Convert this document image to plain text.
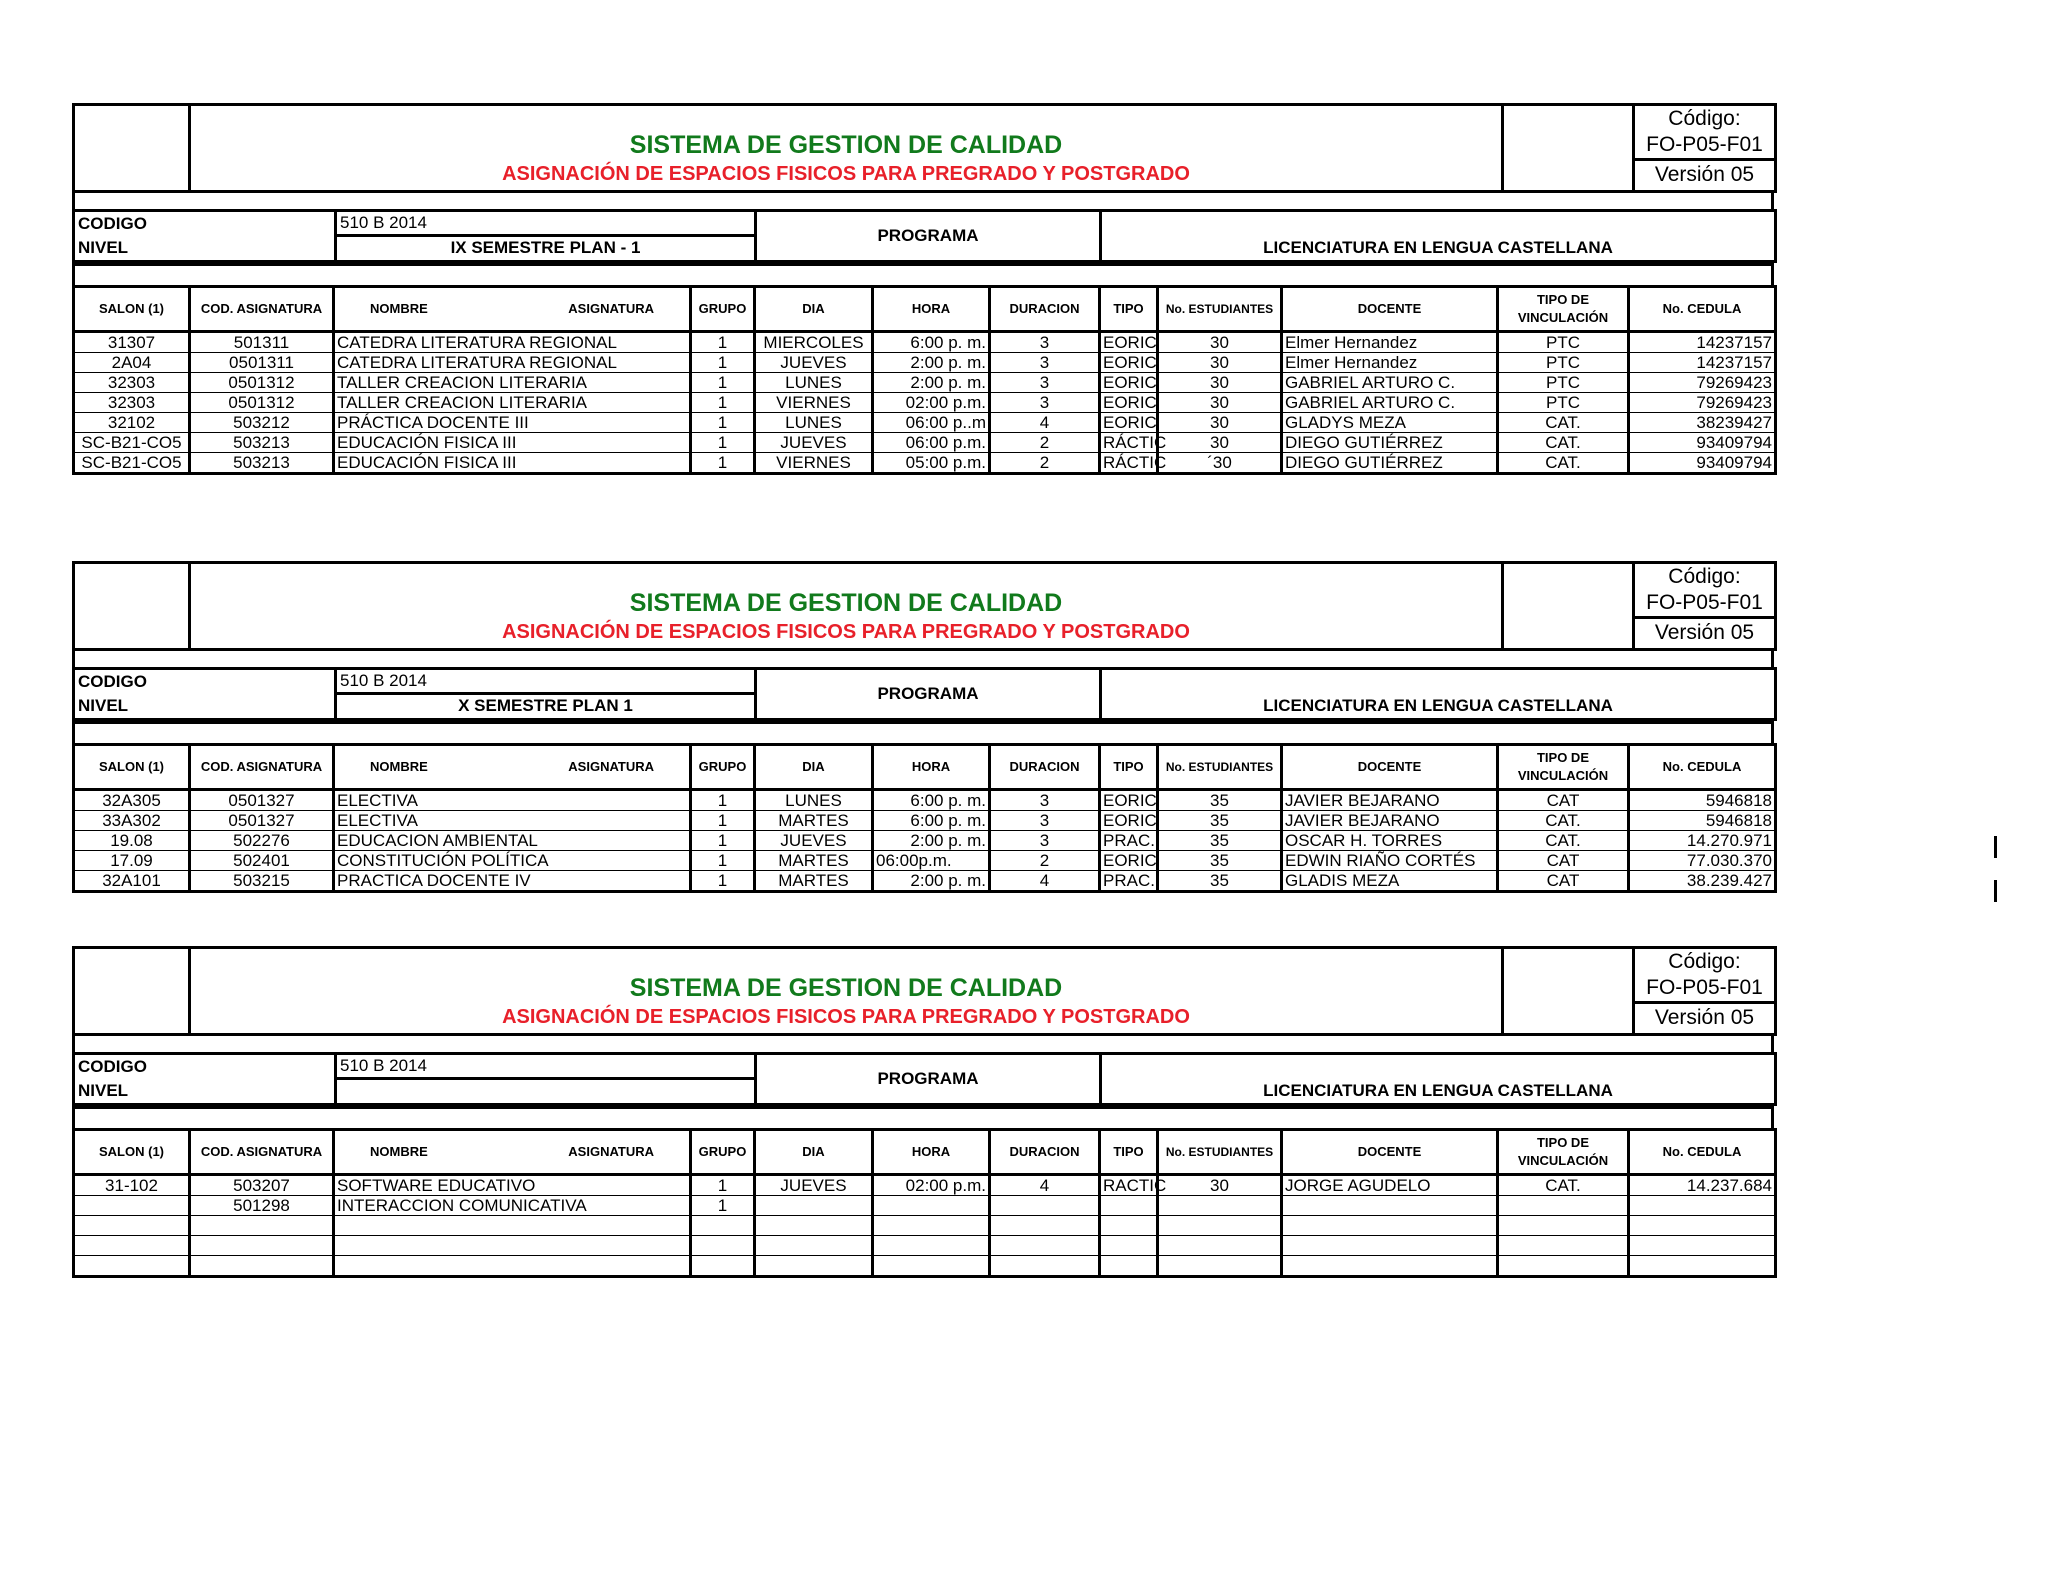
	SISTEMA DE GESTION DE CALIDAD		Código:
			FO-P05-F01
	ASIGNACIÓN DE ESPACIOS FISICOS PARA PREGRADO Y POSTGRADO		Versión 05
CODIGO
NIVEL
	510 B 2014	PROGRAMA	LICENCIATURA EN LENGUA CASTELLANA
IX SEMESTRE PLAN - 1
SALON (1)	COD. ASIGNATURA	NOMBRE ASIGNATURA	GRUPO	DIA	HORA	DURACION	TIPO	No. ESTUDIANTES	DOCENTE	TIPO DE VINCULACIÓN	No. CEDULA
31307	501311	CATEDRA LITERATURA REGIONAL	1	MIERCOLES	6:00 p. m.	3	EORIC	30	Elmer Hernandez	PTC	14237157
2A04	0501311	CATEDRA LITERATURA REGIONAL	1	JUEVES	2:00 p. m.	3	EORIC	30	Elmer Hernandez	PTC	14237157
32303	0501312	TALLER CREACION LITERARIA	1	LUNES	2:00 p. m.	3	EORIC	30	GABRIEL ARTURO C.	PTC	79269423
32303	0501312	TALLER CREACION LITERARIA	1	VIERNES	02:00 p.m.	3	EORIC	30	GABRIEL ARTURO C.	PTC	79269423
32102	503212	PRÁCTICA DOCENTE III	1	LUNES	06:00 p..m	4	EORIC	30	GLADYS MEZA	CAT.	38239427
SC-B21-CO5	503213	EDUCACIÓN FISICA III	1	JUEVES	06:00 p.m.	2	RÁCTIC	30	DIEGO GUTIÉRREZ	CAT.	93409794
SC-B21-CO5	503213	EDUCACIÓN FISICA III	1	VIERNES	05:00 p.m.	2	RÁCTIC	´30	DIEGO GUTIÉRREZ	CAT.	93409794
	SISTEMA DE GESTION DE CALIDAD		Código:
			FO-P05-F01
	ASIGNACIÓN DE ESPACIOS FISICOS PARA PREGRADO Y POSTGRADO		Versión 05
CODIGO
NIVEL
	510 B 2014	PROGRAMA	LICENCIATURA EN LENGUA CASTELLANA
X SEMESTRE PLAN 1
SALON (1)	COD. ASIGNATURA	NOMBRE ASIGNATURA	GRUPO	DIA	HORA	DURACION	TIPO	No. ESTUDIANTES	DOCENTE	TIPO DE VINCULACIÓN	No. CEDULA
32A305	0501327	ELECTIVA	1	LUNES	6:00 p. m.	3	EORIC	35	JAVIER BEJARANO	CAT	5946818
33A302	0501327	ELECTIVA	1	MARTES	6:00 p. m.	3	EORIC	35	JAVIER BEJARANO	CAT.	5946818
19.08	502276	EDUCACION AMBIENTAL	1	JUEVES	2:00 p. m.	3	PRAC.	35	OSCAR H. TORRES	CAT.	14.270.971
17.09	502401	CONSTITUCIÓN POLÍTICA	1	MARTES	06:00p.m.	2	EORIC	35	EDWIN RIAÑO CORTÉS	CAT	77.030.370
32A101	503215	PRACTICA DOCENTE IV	1	MARTES	2:00 p. m.	4	PRAC.	35	GLADIS MEZA	CAT	38.239.427
	SISTEMA DE GESTION DE CALIDAD		Código:
			FO-P05-F01
	ASIGNACIÓN DE ESPACIOS FISICOS PARA PREGRADO Y POSTGRADO		Versión 05
CODIGO
NIVEL
	510 B 2014	PROGRAMA	LICENCIATURA EN LENGUA CASTELLANA

SALON (1)	COD. ASIGNATURA	NOMBRE ASIGNATURA	GRUPO	DIA	HORA	DURACION	TIPO	No. ESTUDIANTES	DOCENTE	TIPO DE VINCULACIÓN	No. CEDULA
31-102	503207	SOFTWARE EDUCATIVO	1	JUEVES	02:00 p.m.	4	RACTIC	30	JORGE AGUDELO	CAT.	14.237.684
	501298	INTERACCION COMUNICATIVA	1								
